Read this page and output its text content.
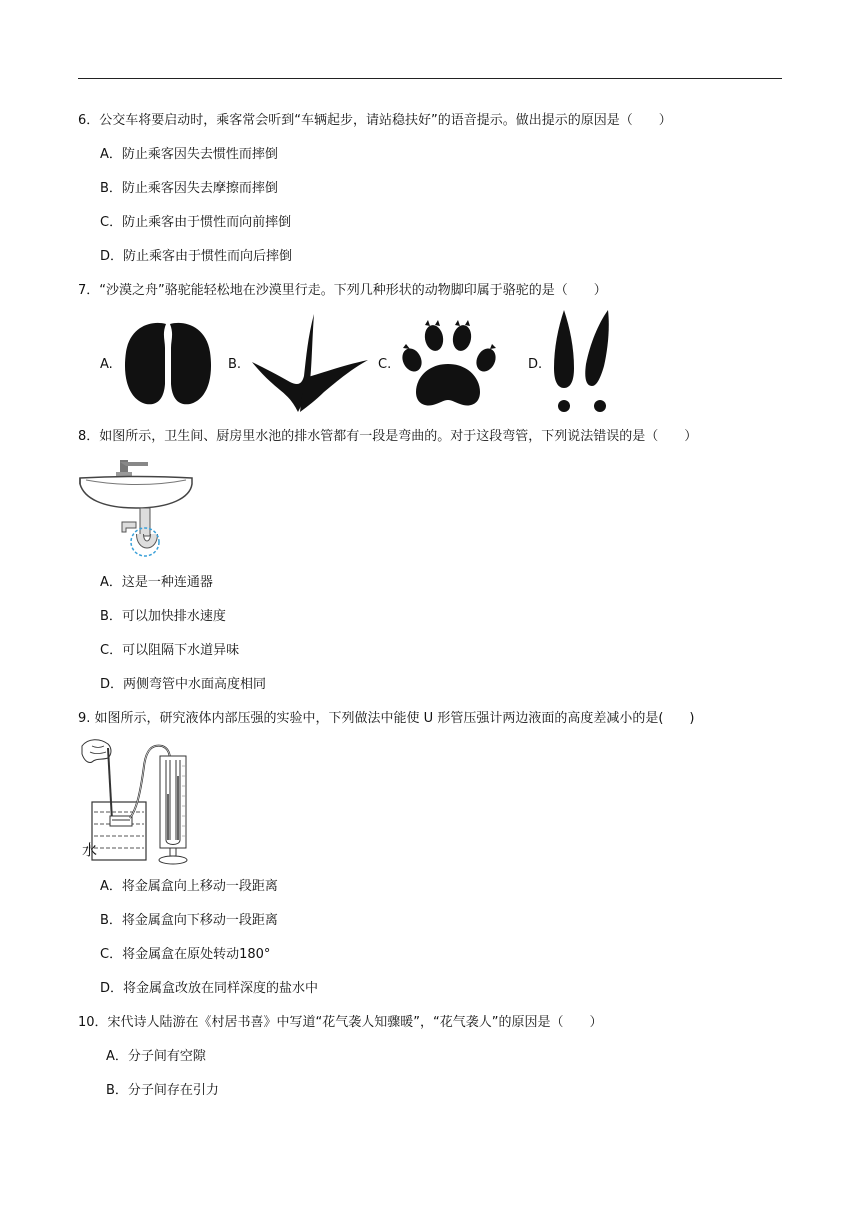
6．公交车将要启动时，乘客常会听到“车辆起步，请站稳扶好”的语音提示。做出提示的原因是（　　）
A．防止乘客因失去惯性而摔倒
B．防止乘客因失去摩擦而摔倒
C．防止乘客由于惯性而向前摔倒
D．防止乘客由于惯性而向后摔倒
7．“沙漠之舟”骆驼能轻松地在沙漠里行走。下列几种形状的动物脚印属于骆驼的是（　　）
A.	B.	C.	D.
8．如图所示，卫生间、厨房里水池的排水管都有一段是弯曲的。对于这段弯管，下列说法错误的是（　　）
A．这是一种连通器
B．可以加快排水速度
C．可以阻隔下水道异味
D．两侧弯管中水面高度相同
9. 如图所示，研究液体内部压强的实验中，下列做法中能使 U 形管压强计两边液面的高度差减小的是(　　)
水
A．将金属盒向上移动一段距离
B．将金属盒向下移动一段距离
C．将金属盒在原处转动180°
D．将金属盒改放在同样深度的盐水中
10．宋代诗人陆游在《村居书喜》中写道“花气袭人知骤暖”，“花气袭人”的原因是（　　）
A．分子间有空隙
B．分子间存在引力
